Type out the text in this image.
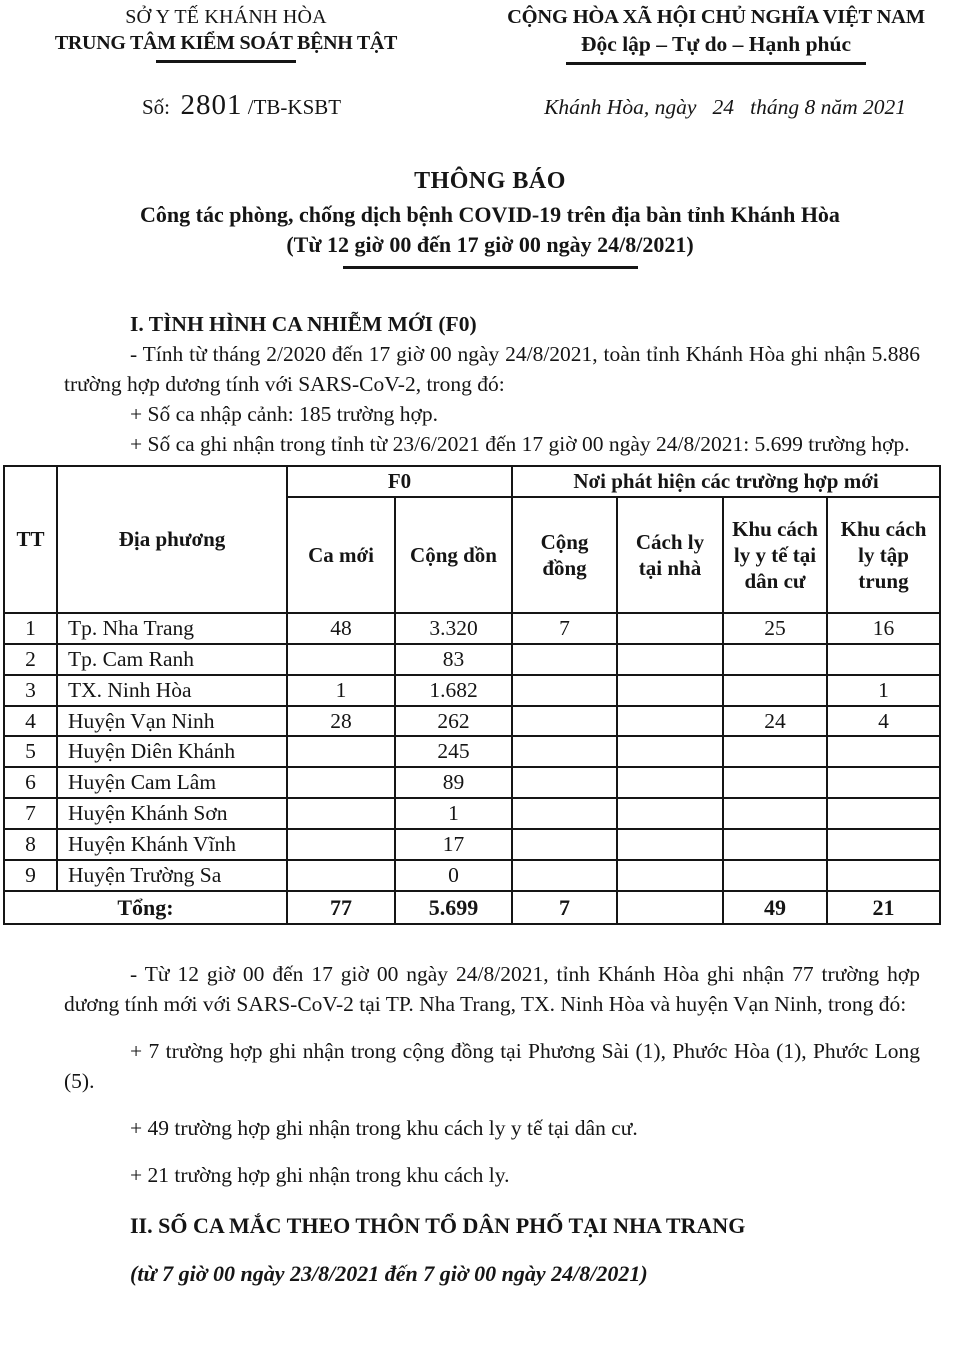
SỞ Y TẾ KHÁNH HÒA
TRUNG TÂM KIỂM SOÁT BỆNH TẬT
CỘNG HÒA XÃ HỘI CHỦ NGHĨA VIỆT NAM
Độc lập – Tự do – Hạnh phúc
Số:  2801 /TB-KSBT	Khánh Hòa, ngày   24   tháng 8 năm 2021
THÔNG BÁO
Công tác phòng, chống dịch bệnh COVID-19 trên địa bàn tỉnh Khánh Hòa
(Từ 12 giờ 00 đến 17 giờ 00 ngày 24/8/2021)
I. TÌNH HÌNH CA NHIỄM MỚI (F0)

- Tính từ tháng 2/2020 đến 17 giờ 00 ngày 24/8/2021, toàn tỉnh Khánh Hòa ghi nhận 5.886 trường hợp dương tính với SARS-CoV-2, trong đó:

+ Số ca nhập cảnh: 185 trường hợp.

+ Số ca ghi nhận trong tỉnh từ 23/6/2021 đến 17 giờ 00 ngày 24/8/2021: 5.699 trường hợp.

TT	Địa phương	F0		Nơi phát hiện các trường hợp mới			
		Ca mới	Cộng dồn	Cộng đồng	Cách ly tại nhà	Khu cách ly y tế tại dân cư	Khu cách ly tập trung
1	Tp. Nha Trang	48	3.320	7		25	16
2	Tp. Cam Ranh		83				
3	TX. Ninh Hòa	1	1.682				1
4	Huyện Vạn Ninh	28	262			24	4
5	Huyện Diên Khánh		245				
6	Huyện Cam Lâm		89				
7	Huyện Khánh Sơn		1				
8	Huyện Khánh Vĩnh		17				
9	Huyện Trường Sa		0				
Tổng:		77	5.699	7		49	21

- Từ 12 giờ 00 đến 17 giờ 00 ngày 24/8/2021, tỉnh Khánh Hòa ghi nhận 77 trường hợp dương tính mới với SARS-CoV-2 tại TP. Nha Trang, TX. Ninh Hòa và huyện Vạn Ninh, trong đó:

+ 7 trường hợp ghi nhận trong cộng đồng tại Phương Sài (1), Phước Hòa (1), Phước Long (5).

+ 49 trường hợp ghi nhận trong khu cách ly y tế tại dân cư.

+ 21 trường hợp ghi nhận trong khu cách ly.

II. SỐ CA MẮC THEO THÔN TỔ DÂN PHỐ TẠI NHA TRANG
(từ 7 giờ 00 ngày 23/8/2021 đến 7 giờ 00 ngày 24/8/2021)
